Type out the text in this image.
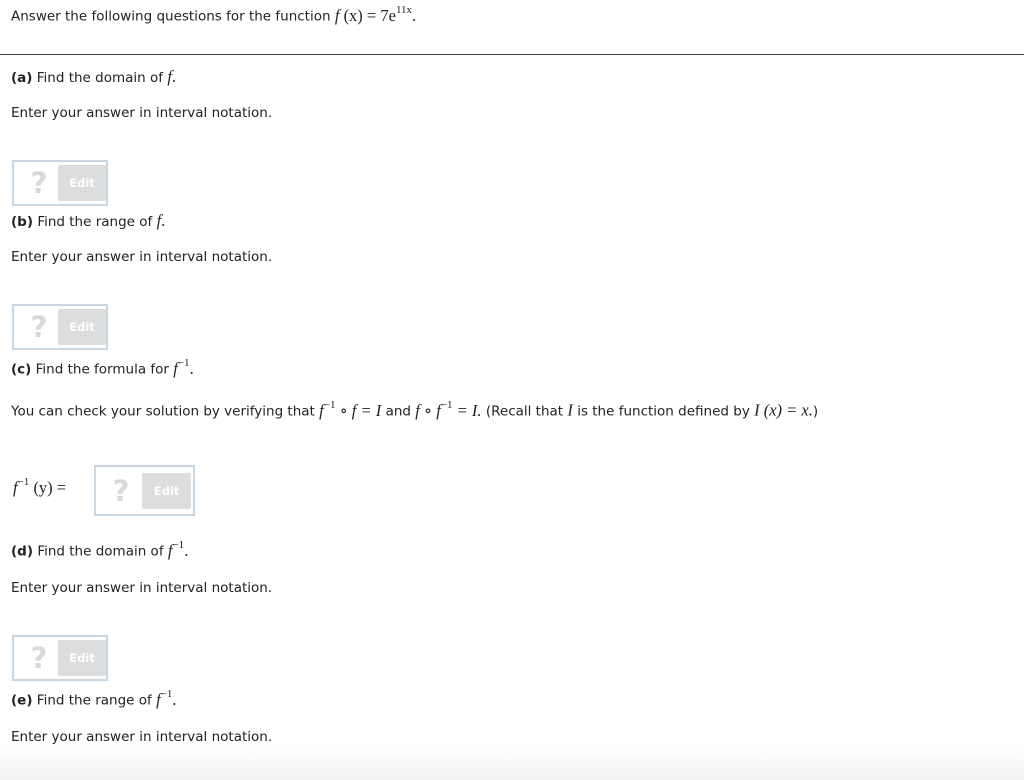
Answer the following questions for the function f $(x) = 7e^{11x}$.
(a) Find the domain of f.
Enter your answer in interval notation.
?	Edit
(b) Find the range of f.
Enter your answer in interval notation.
?	Edit
(c) Find the formula for $f^{-1}$.
You can check your solution by verifying that $f^{-1}$ ∘ f = I and f ∘ $f^{-1} = I$. (Recall that I is the function defined by I (x) = x.)
$f^{-1}$ (y) = ?	Edit
(d) Find the domain of $f^{-1}$.
Enter your answer in interval notation.
?	Edit
(e) Find the range of $f^{-1}$.
Enter your answer in interval notation.
